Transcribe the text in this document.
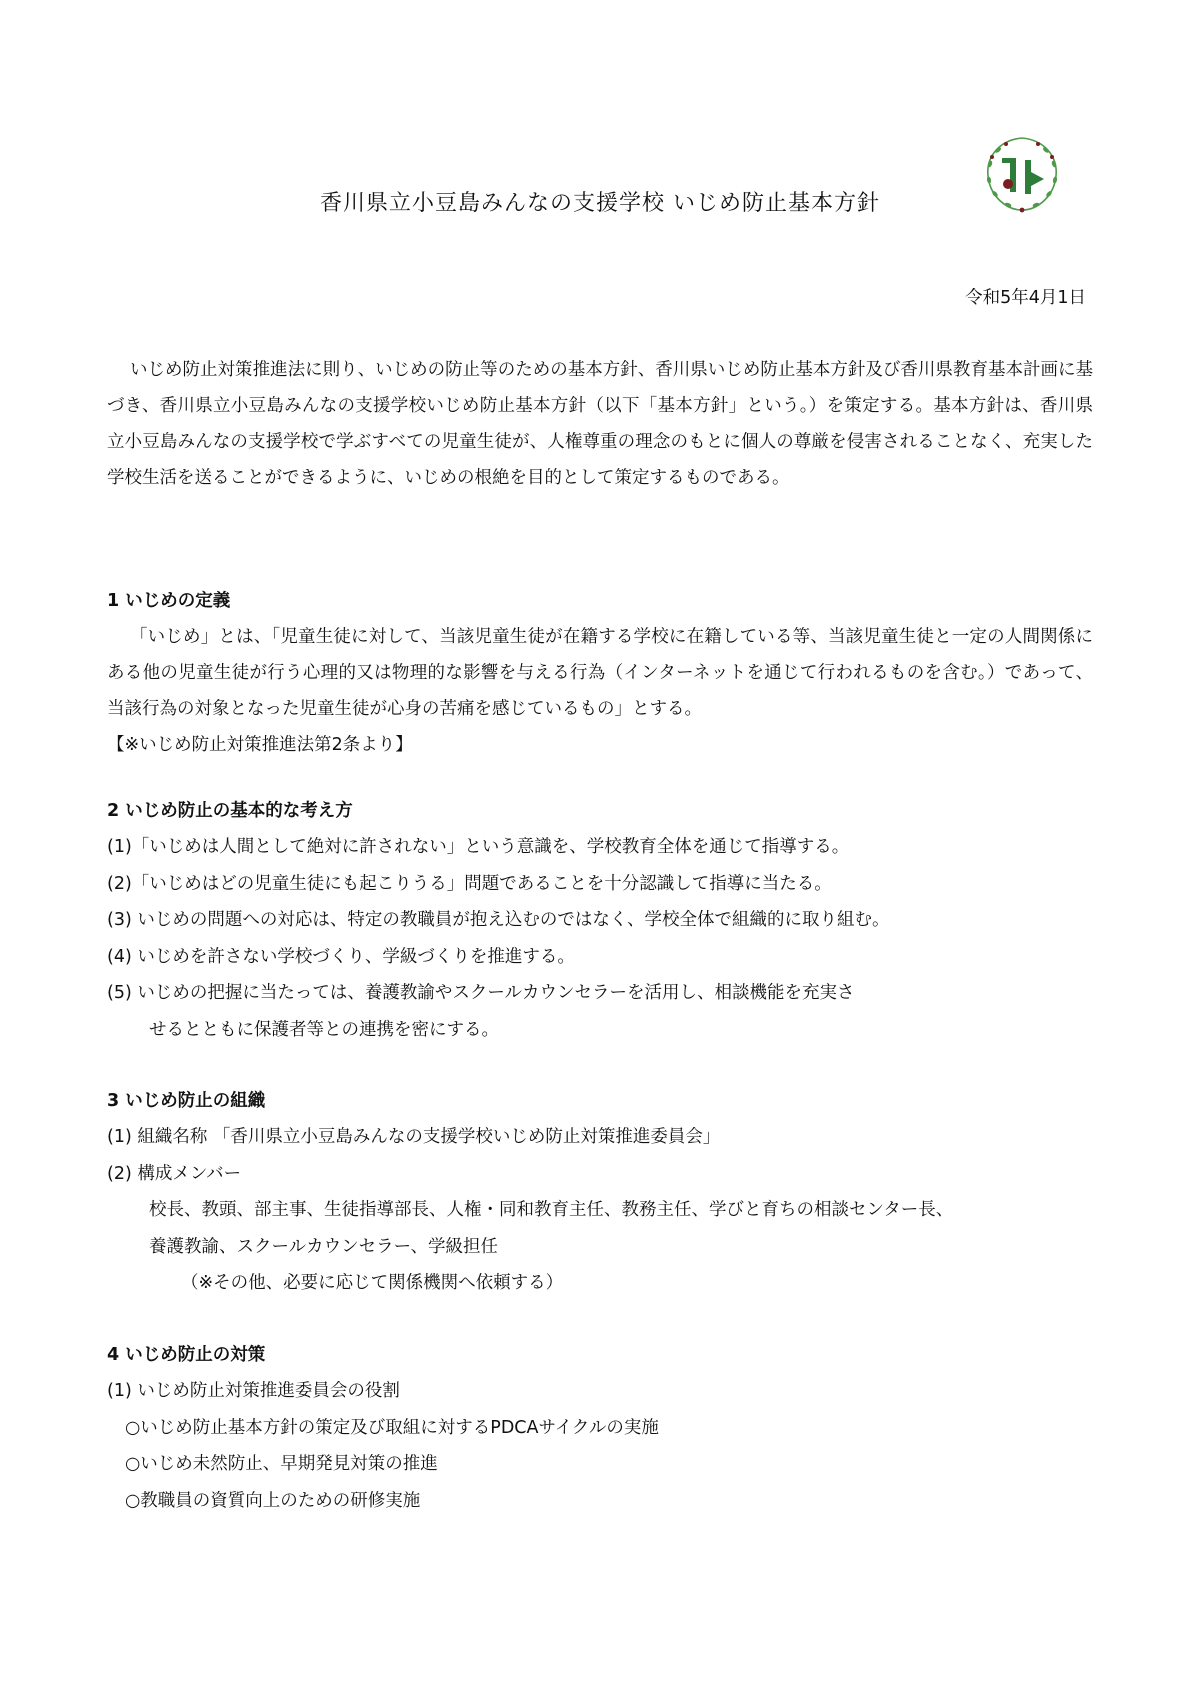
香川県立小豆島みんなの支援学校 いじめ防止基本方針
令和5年4月1日

いじめ防止対策推進法に則り、いじめの防止等のための基本方針、香川県いじめ防止基本方針及び香川県教育基本計画に基づき、香川県立小豆島みんなの支援学校いじめ防止基本方針（以下「基本方針」という。）を策定する。基本方針は、香川県立小豆島みんなの支援学校で学ぶすべての児童生徒が、人権尊重の理念のもとに個人の尊厳を侵害されることなく、充実した学校生活を送ることができるように、いじめの根絶を目的として策定するものである。

1 いじめの定義

「いじめ」とは、「児童生徒に対して、当該児童生徒が在籍する学校に在籍している等、当該児童生徒と一定の人間関係にある他の児童生徒が行う心理的又は物理的な影響を与える行為（インターネットを通じて行われるものを含む。）であって、当該行為の対象となった児童生徒が心身の苦痛を感じているもの」とする。

【※いじめ防止対策推進法第2条より】

2 いじめ防止の基本的な考え方

(1)「いじめは人間として絶対に許されない」という意識を、学校教育全体を通じて指導する。

(2)「いじめはどの児童生徒にも起こりうる」問題であることを十分認識して指導に当たる。

(3) いじめの問題への対応は、特定の教職員が抱え込むのではなく、学校全体で組織的に取り組む。

(4) いじめを許さない学校づくり、学級づくりを推進する。

(5) いじめの把握に当たっては、養護教諭やスクールカウンセラーを活用し、相談機能を充実さ

せるとともに保護者等との連携を密にする。

3 いじめ防止の組織

(1) 組織名称 「香川県立小豆島みんなの支援学校いじめ防止対策推進委員会」

(2) 構成メンバー

校長、教頭、部主事、生徒指導部長、人権・同和教育主任、教務主任、学びと育ちの相談センター長、

養護教諭、スクールカウンセラー、学級担任

（※その他、必要に応じて関係機関へ依頼する）

4 いじめ防止の対策

(1) いじめ防止対策推進委員会の役割

○いじめ防止基本方針の策定及び取組に対するPDCAサイクルの実施

○いじめ未然防止、早期発見対策の推進

○教職員の資質向上のための研修実施
